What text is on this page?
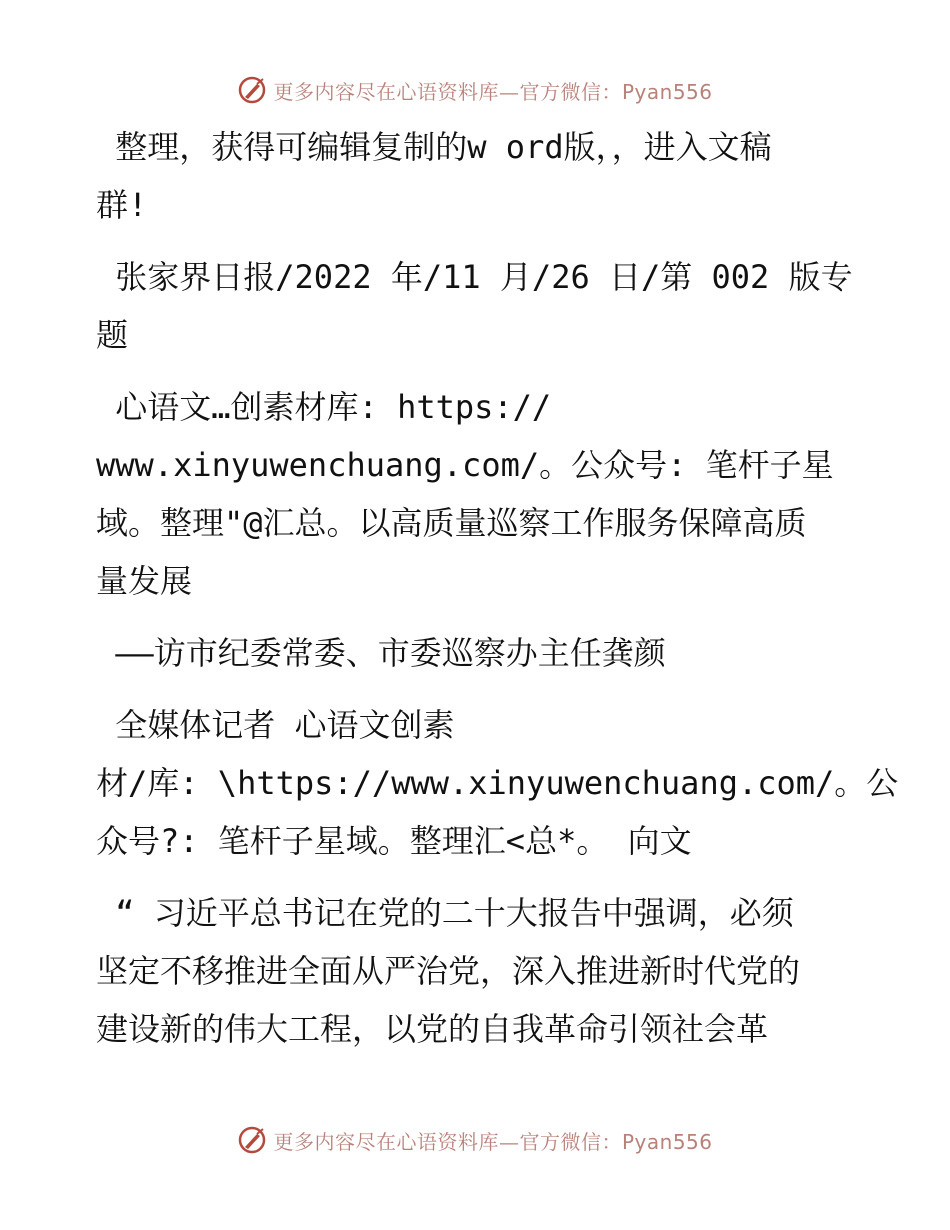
更多内容尽在心语资料库—官方微信：Pyan556
整理，获得可编辑复制的w ord版，，进入文稿
群!
张家界日报/2022 年/11 月/26 日/第 002 版专
题
心语文…创素材库: https://
www.xinyuwenchuang.com/。公众号: 笔杆子星
域。整理"@汇总。以高质量巡察工作服务保障高质
量发展
——访市纪委常委、市委巡察办主任龚颜
全媒体记者 心语文创素
材/库: \https://www.xinyuwenchuang.com/。公
众号?: 笔杆子星域。整理汇<总*。 向文
“ 习近平总书记在党的二十大报告中强调，必须
坚定不移推进全面从严治党，深入推进新时代党的
建设新的伟大工程，以党的自我革命引领社会革
更多内容尽在心语资料库—官方微信：Pyan556
